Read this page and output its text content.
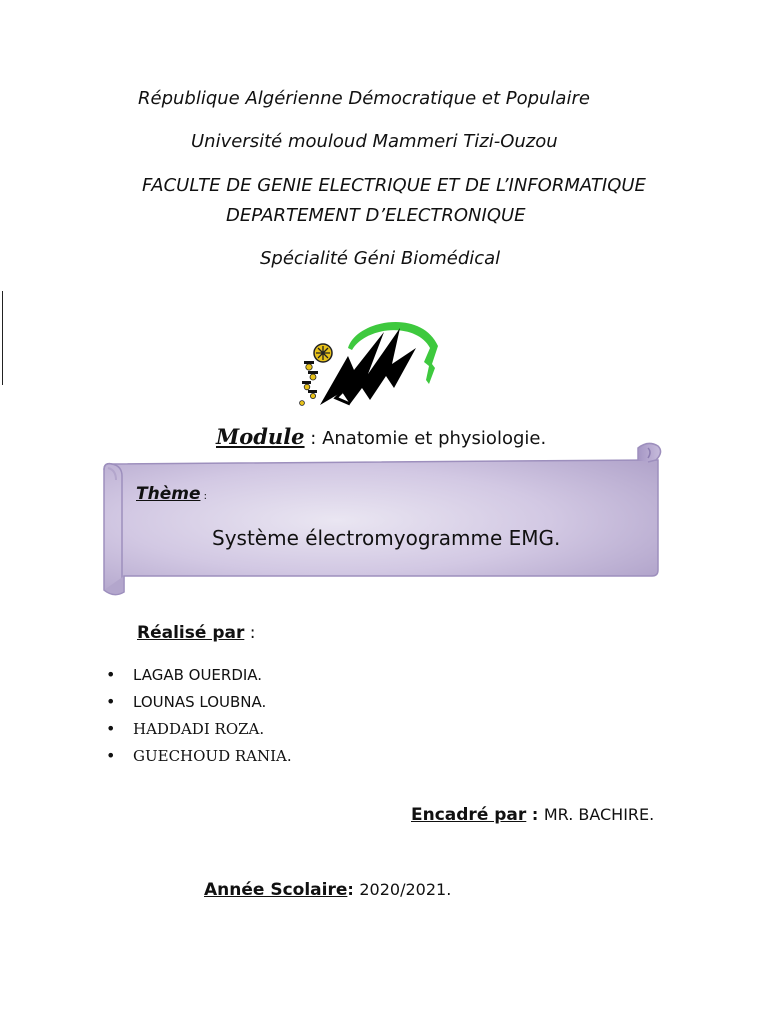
République Algérienne Démocratique et Populaire
Université mouloud Mammeri Tizi-Ouzou
FACULTE DE GENIE ELECTRIQUE ET DE L’INFORMATIQUE
DEPARTEMENT D’ELECTRONIQUE
Spécialité Géni Biomédical
Module : Anatomie et physiologie.
Thème :
Système électromyogramme EMG.
Réalisé par :
• LAGAB OUERDIA.
• LOUNAS LOUBNA.
• HADDADI ROZA.
• GUECHOUD RANIA.
Encadré par : MR. BACHIRE.
Année Scolaire: 2020/2021.
